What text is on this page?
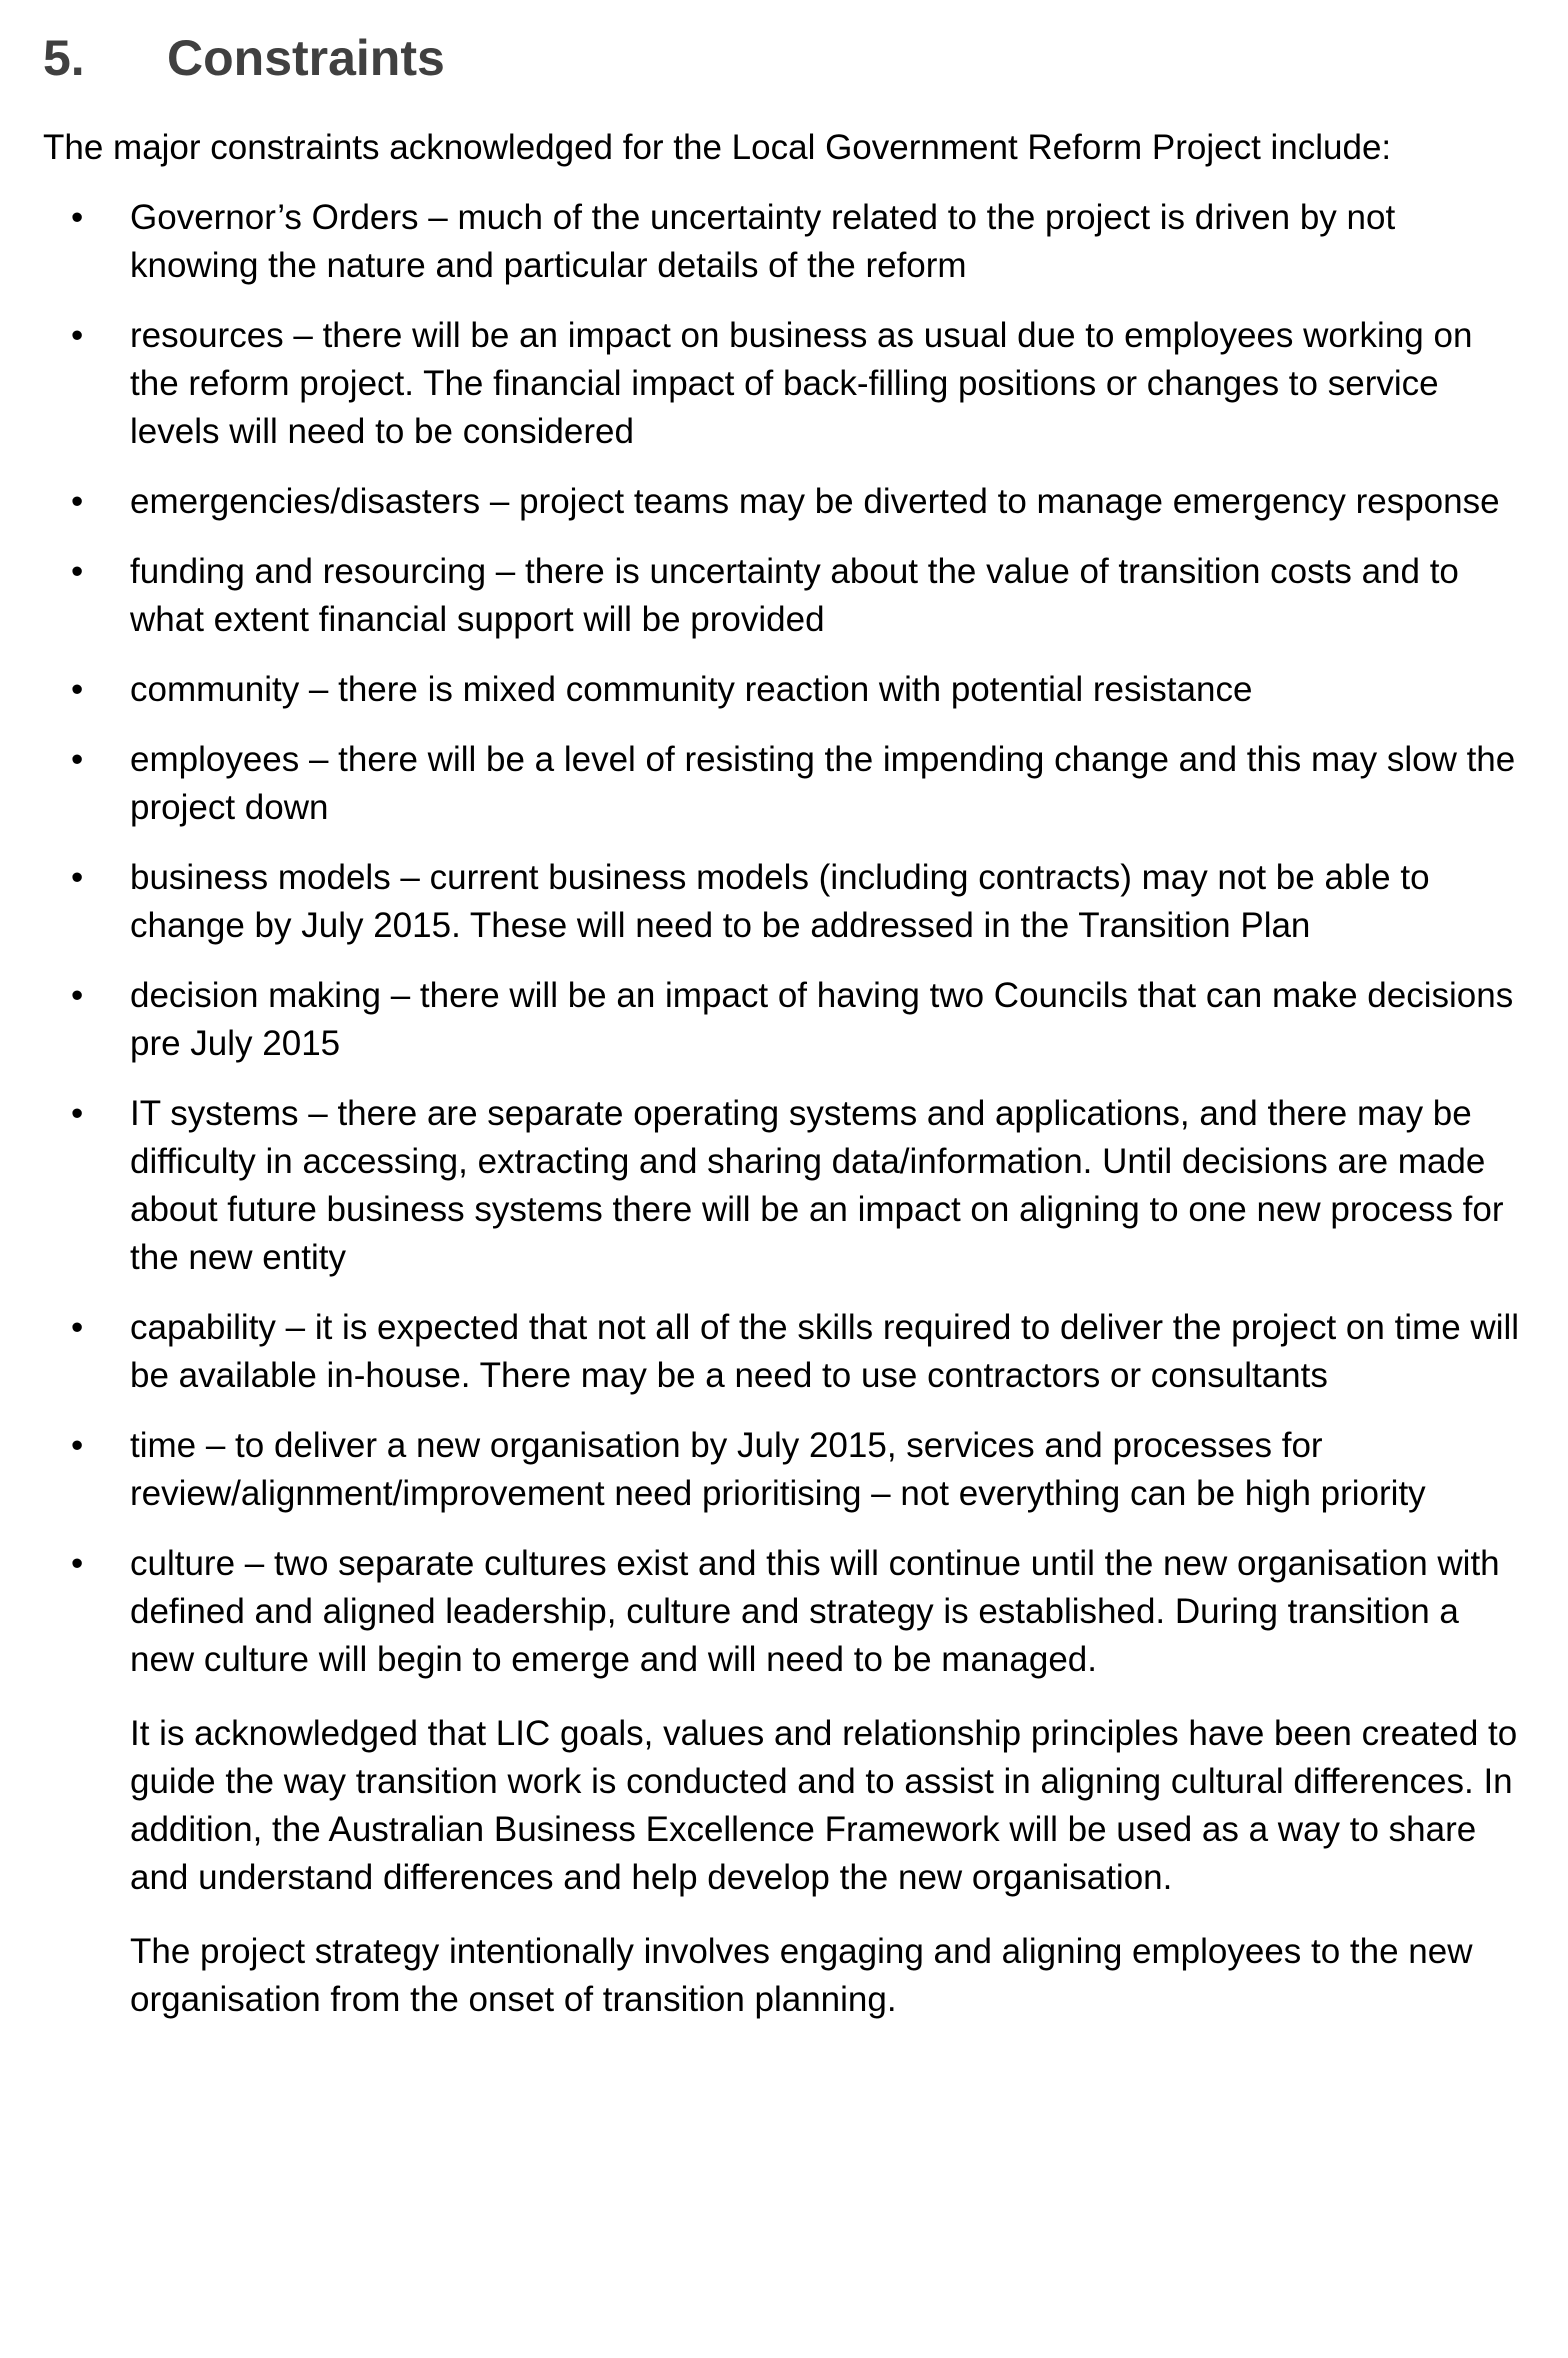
5.	Constraints

The major constraints acknowledged for the Local Government Reform Project include:

•	Governor’s Orders – much of the uncertainty related to the project is driven by not knowing the nature and particular details of the reform
•	resources – there will be an impact on business as usual due to employees working on the reform project. The financial impact of back-filling positions or changes to service levels will need to be considered
•	emergencies/disasters – project teams may be diverted to manage emergency response
•	funding and resourcing – there is uncertainty about the value of transition costs and to what extent financial support will be provided
•	community – there is mixed community reaction with potential resistance
•	employees – there will be a level of resisting the impending change and this may slow the project down
•	business models – current business models (including contracts) may not be able to change by July 2015. These will need to be addressed in the Transition Plan
•	decision making – there will be an impact of having two Councils that can make decisions pre July 2015
•	IT systems – there are separate operating systems and applications, and there may be difficulty in accessing, extracting and sharing data/information. Until decisions are made about future business systems there will be an impact on aligning to one new process for the new entity
•	capability – it is expected that not all of the skills required to deliver the project on time will be available in-house. There may be a need to use contractors or consultants
•	time – to deliver a new organisation by July 2015, services and processes for review/alignment/improvement need prioritising – not everything can be high priority
•	culture – two separate cultures exist and this will continue until the new organisation with defined and aligned leadership, culture and strategy is established. During transition a new culture will begin to emerge and will need to be managed.

It is acknowledged that LIC goals, values and relationship principles have been created to guide the way transition work is conducted and to assist in aligning cultural differences. In addition, the Australian Business Excellence Framework will be used as a way to share and understand differences and help develop the new organisation.

The project strategy intentionally involves engaging and aligning employees to the new organisation from the onset of transition planning.
